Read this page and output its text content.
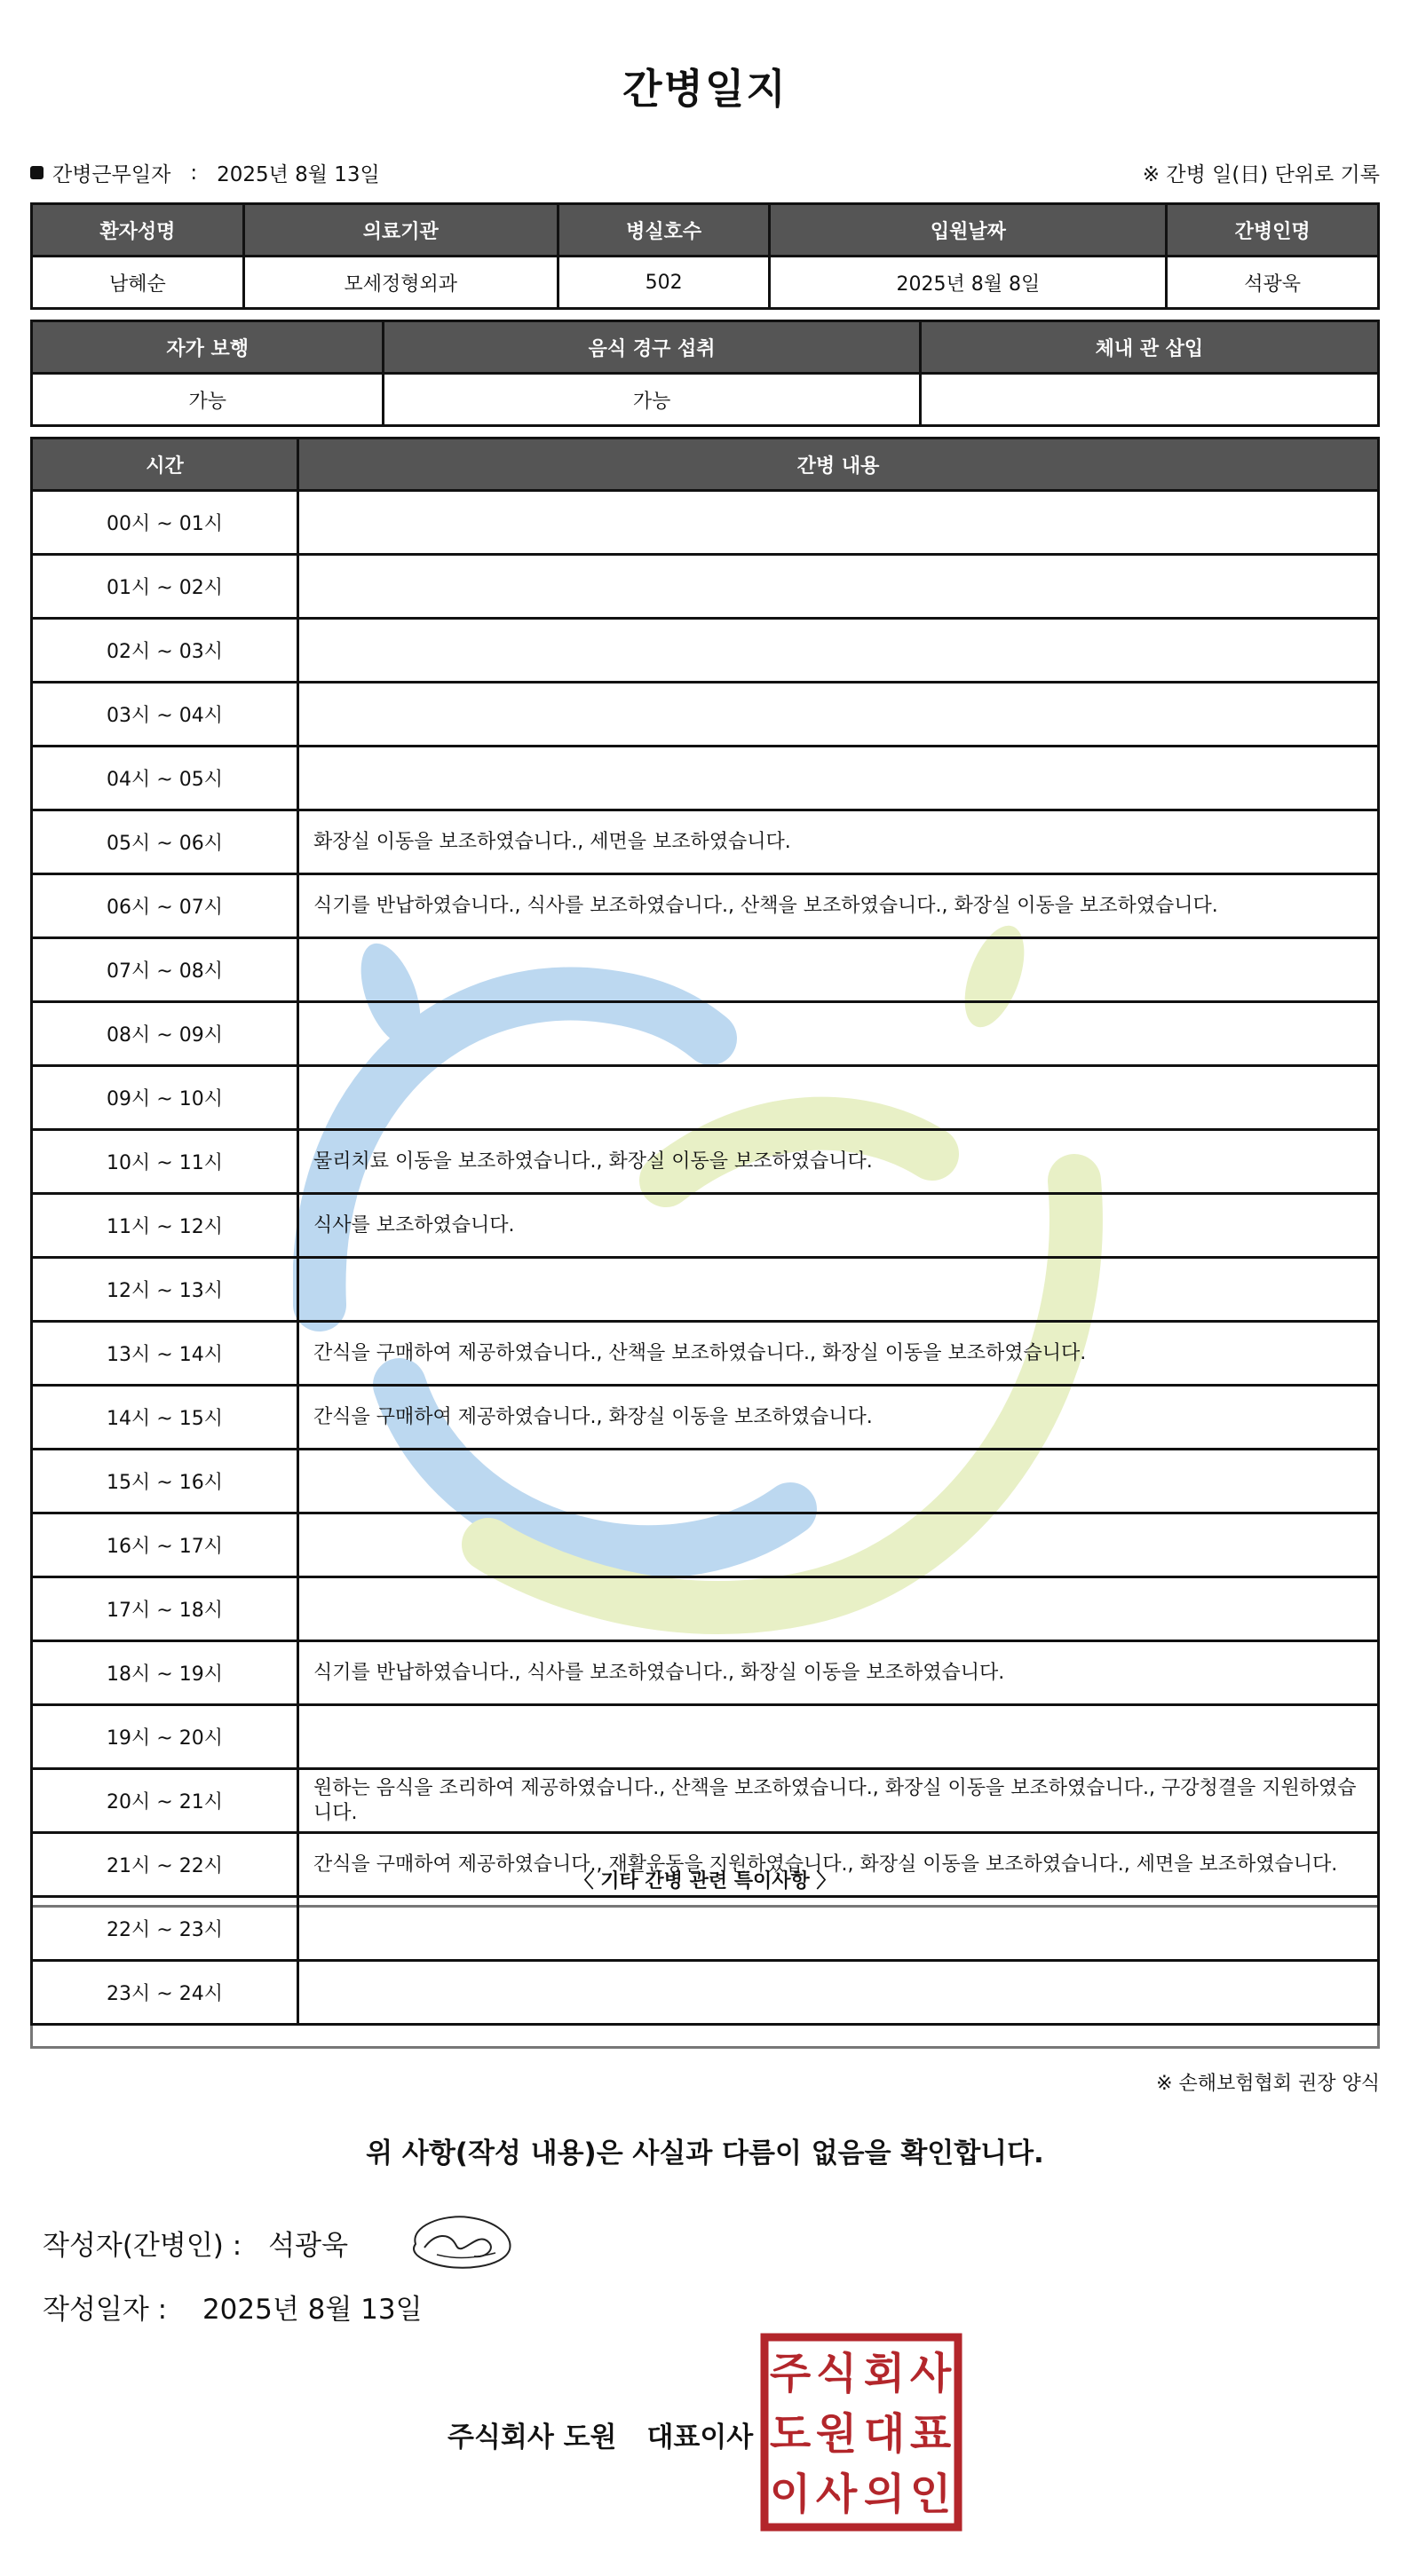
간병일지
간병근무일자 : 2025년 8월 13일	※ 간병 일(日) 단위로 기록
환자성명	의료기관	병실호수	입원날짜	간병인명
남혜순	모세정형외과	502	2025년 8월 8일	석광욱
자가 보행	음식 경구 섭취	체내 관 삽입
가능	가능	
시간	간병 내용
00시 ~ 01시	
01시 ~ 02시	
02시 ~ 03시	
03시 ~ 04시	
04시 ~ 05시	
05시 ~ 06시	화장실 이동을 보조하였습니다., 세면을 보조하였습니다.
06시 ~ 07시	식기를 반납하였습니다., 식사를 보조하였습니다., 산책을 보조하였습니다., 화장실 이동을 보조하였습니다.
07시 ~ 08시	
08시 ~ 09시	
09시 ~ 10시	
10시 ~ 11시	물리치료 이동을 보조하였습니다., 화장실 이동을 보조하였습니다.
11시 ~ 12시	식사를 보조하였습니다.
12시 ~ 13시	
13시 ~ 14시	간식을 구매하여 제공하였습니다., 산책을 보조하였습니다., 화장실 이동을 보조하였습니다.
14시 ~ 15시	간식을 구매하여 제공하였습니다., 화장실 이동을 보조하였습니다.
15시 ~ 16시	
16시 ~ 17시	
17시 ~ 18시	
18시 ~ 19시	식기를 반납하였습니다., 식사를 보조하였습니다., 화장실 이동을 보조하였습니다.
19시 ~ 20시	
20시 ~ 21시	원하는 음식을 조리하여 제공하였습니다., 산책을 보조하였습니다., 화장실 이동을 보조하였습니다., 구강청결을 지원하였습니다.
21시 ~ 22시	간식을 구매하여 제공하였습니다., 재활운동을 지원하였습니다., 화장실 이동을 보조하였습니다., 세면을 보조하였습니다.
22시 ~ 23시	
23시 ~ 24시	
〈 기타 간병 관련 특이사항 〉
※ 손해보험협회 권장 양식
위 사항(작성 내용)은 사실과 다름이 없음을 확인합니다.
작성자(간병인) : 석광욱
작성일자 : 2025년 8월 13일
주식회사 도원 대표이사
주 식 회 사
도 원 대 표
이 사 의 인
